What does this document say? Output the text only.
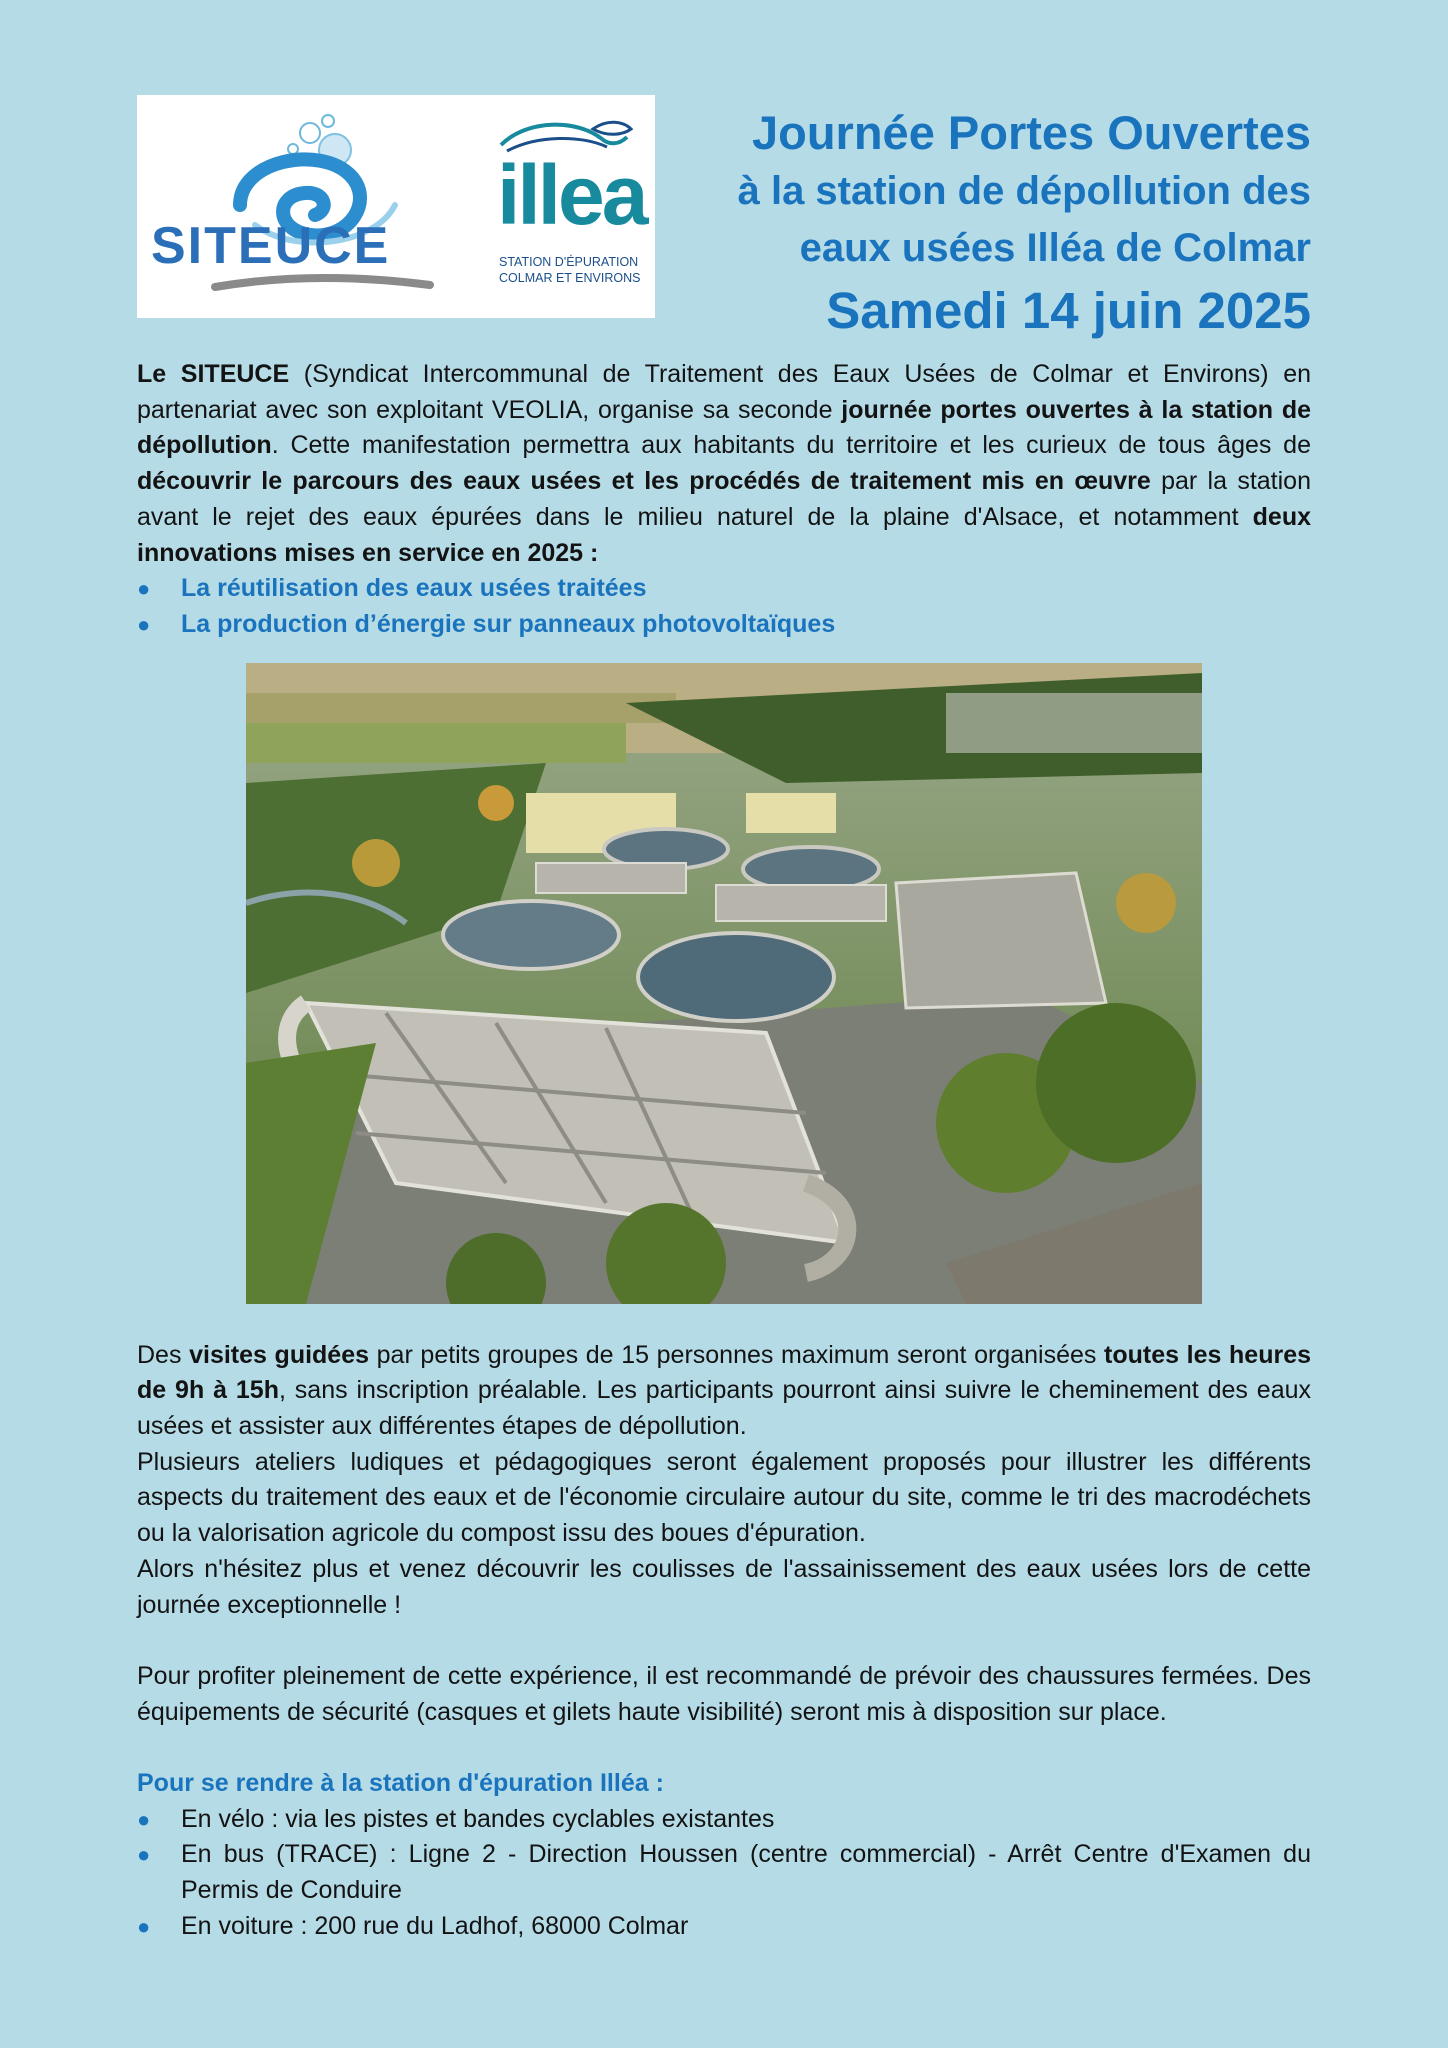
SITEUCE
illea
STATION D'ÉPURATION
COLMAR ET ENVIRONS
Journée Portes Ouvertes
à la station de dépollution des
eaux usées Illéa de Colmar
Samedi 14 juin 2025

Le SITEUCE (Syndicat Intercommunal de Traitement des Eaux Usées de Colmar et Environs) en partenariat avec son exploitant VEOLIA, organise sa seconde journée portes ouvertes à la station de dépollution. Cette manifestation permettra aux habitants du territoire et les curieux de tous âges de découvrir le parcours des eaux usées et les procédés de traitement mis en œuvre par la station avant le rejet des eaux épurées dans le milieu naturel de la plaine d'Alsace, et notamment deux innovations mises en service en 2025 :

● La réutilisation des eaux usées traitées
● La production d’énergie sur panneaux photovoltaïques

Des visites guidées par petits groupes de 15 personnes maximum seront organisées toutes les heures de 9h à 15h, sans inscription préalable. Les participants pourront ainsi suivre le cheminement des eaux usées et assister aux différentes étapes de dépollution.

Plusieurs ateliers ludiques et pédagogiques seront également proposés pour illustrer les différents aspects du traitement des eaux et de l'économie circulaire autour du site, comme le tri des macrodéchets ou la valorisation agricole du compost issu des boues d'épuration.

Alors n'hésitez plus et venez découvrir les coulisses de l'assainissement des eaux usées lors de cette journée exceptionnelle !

Pour profiter pleinement de cette expérience, il est recommandé de prévoir des chaussures fermées. Des équipements de sécurité (casques et gilets haute visibilité) seront mis à disposition sur place.

Pour se rendre à la station d'épuration Illéa :

● En vélo : via les pistes et bandes cyclables existantes
● En bus (TRACE) : Ligne 2 - Direction Houssen (centre commercial) - Arrêt Centre d'Examen du Permis de Conduire
● En voiture : 200 rue du Ladhof, 68000 Colmar
